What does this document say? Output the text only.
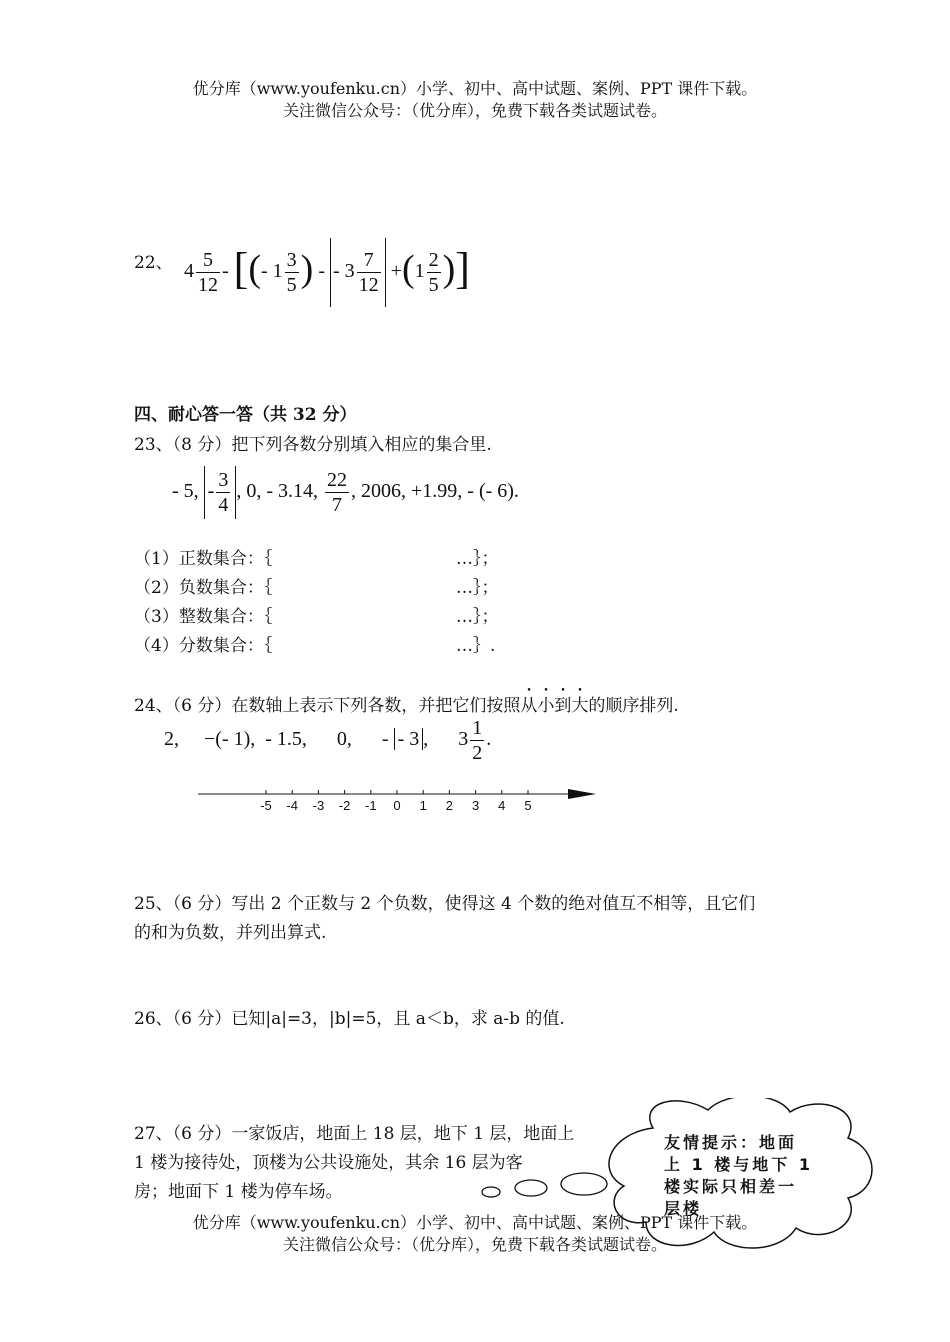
优分库（www.youfenku.cn）小学、初中、高中试题、案例、PPT 课件下载。
关注微信公众号：（优分库），免费下载各类试题试卷。
22、 $4 \frac{5}{12}$ - [(- $1 \frac{3}{5}$ ) - - $3 \frac{7}{12} +(1 \frac{2}{5}$ )]
四、耐心答一答（共 32 分）
23、（8 分）把下列各数分别填入相应的集合里.
- 5, - $\frac{3}{4}$ , 0, - 3.14, $\frac{22}{7}$ , 2006, +1.99, - (- 6).
（1）正数集合：｛	…｝；
（2）负数集合：｛	…｝；
（3）整数集合：｛	…｝；
（4）分数集合：｛	…｝.
24、（6 分）在数轴上表示下列各数，并把它们按照从小到大的顺序排列.
2,     −(- 1),  - 1.5,      0,      - - 3 ,      $3 \frac{1}{2}$ .
-5 -4 -3 -2 -1 0 1 2 3 4 5
25、（6 分）写出 2 个正数与 2 个负数，使得这 4 个数的绝对值互不相等，且它们
的和为负数，并列出算式.
26、（6 分）已知|a|=3，|b|=5，且 a＜b，求 a-b 的值.
27、（6 分）一家饭店，地面上 18 层，地下 1 层，地面上
1 楼为接待处，顶楼为公共设施处，其余 16 层为客
房；地面下 1 楼为停车场。
友情提示：地面
上 1 楼与地下 1
楼实际只相差一
层楼
优分库（www.youfenku.cn）小学、初中、高中试题、案例、PPT 课件下载。
关注微信公众号：（优分库），免费下载各类试题试卷。
